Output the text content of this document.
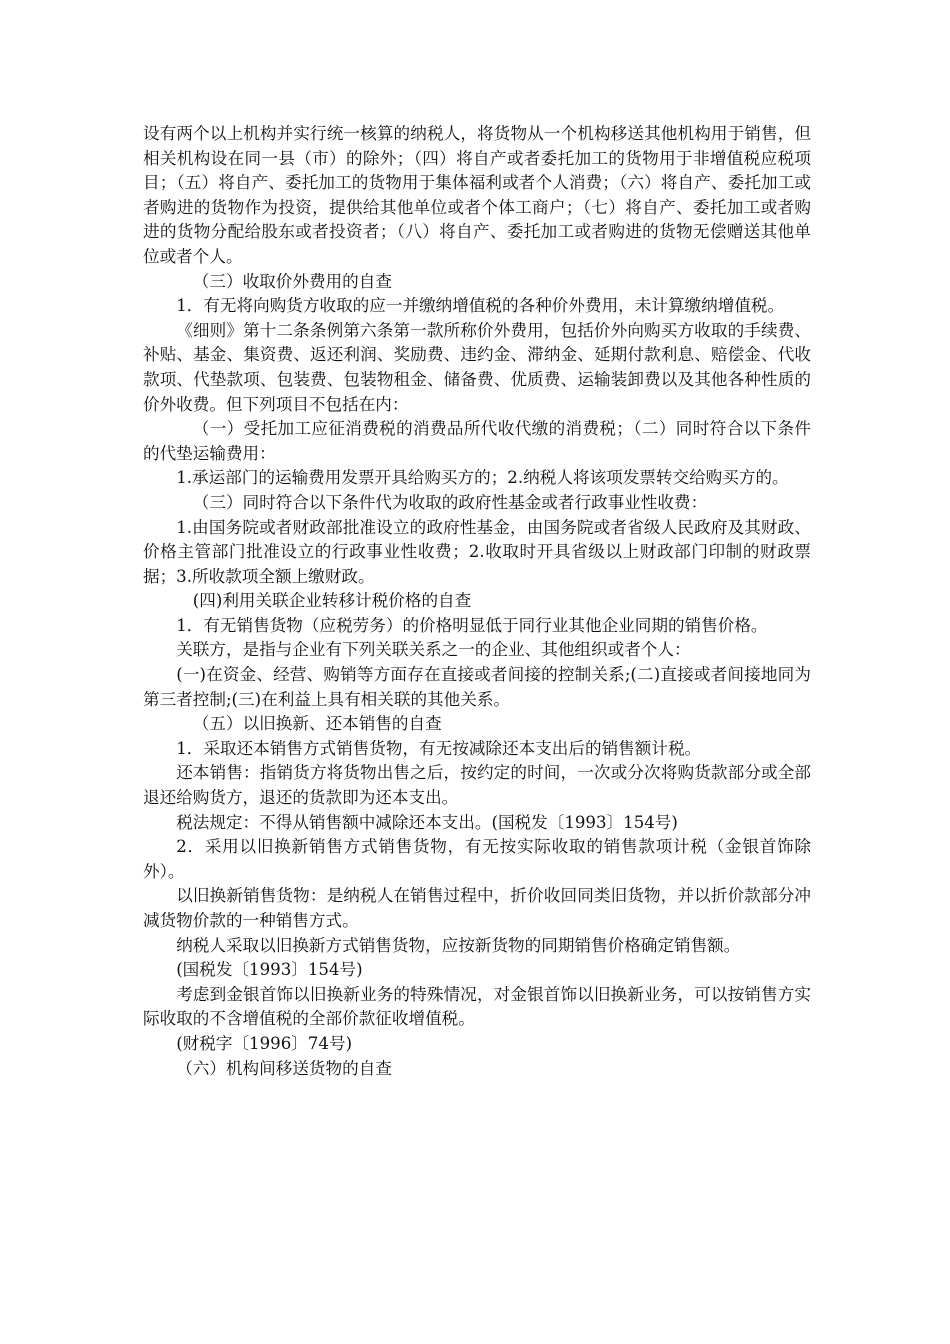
设有两个以上机构并实行统一核算的纳税人，将货物从一个机构移送其他机构用于销售，但相关机构设在同一县（市）的除外；（四）将自产或者委托加工的货物用于非增值税应税项目；（五）将自产、委托加工的货物用于集体福利或者个人消费；（六）将自产、委托加工或者购进的货物作为投资，提供给其他单位或者个体工商户；（七）将自产、委托加工或者购进的货物分配给股东或者投资者；（八）将自产、委托加工或者购进的货物无偿赠送其他单位或者个人。

（三）收取价外费用的自查

1．有无将向购货方收取的应一并缴纳增值税的各种价外费用，未计算缴纳增值税。

《细则》第十二条条例第六条第一款所称价外费用，包括价外向购买方收取的手续费、补贴、基金、集资费、返还利润、奖励费、违约金、滞纳金、延期付款利息、赔偿金、代收款项、代垫款项、包装费、包装物租金、储备费、优质费、运输装卸费以及其他各种性质的价外收费。但下列项目不包括在内：

（一）受托加工应征消费税的消费品所代收代缴的消费税；（二）同时符合以下条件的代垫运输费用：

1.承运部门的运输费用发票开具给购买方的；2.纳税人将该项发票转交给购买方的。

（三）同时符合以下条件代为收取的政府性基金或者行政事业性收费：

1.由国务院或者财政部批准设立的政府性基金，由国务院或者省级人民政府及其财政、价格主管部门批准设立的行政事业性收费；2.收取时开具省级以上财政部门印制的财政票据；3.所收款项全额上缴财政。

(四)利用关联企业转移计税价格的自查

1．有无销售货物（应税劳务）的价格明显低于同行业其他企业同期的销售价格。

关联方，是指与企业有下列关联关系之一的企业、其他组织或者个人：

(一)在资金、经营、购销等方面存在直接或者间接的控制关系;(二)直接或者间接地同为第三者控制;(三)在利益上具有相关联的其他关系。

（五）以旧换新、还本销售的自查

1．采取还本销售方式销售货物，有无按减除还本支出后的销售额计税。

还本销售：指销货方将货物出售之后，按约定的时间，一次或分次将购货款部分或全部退还给购货方，退还的货款即为还本支出。

税法规定：不得从销售额中减除还本支出。(国税发〔1993〕154号)

2．采用以旧换新销售方式销售货物，有无按实际收取的销售款项计税（金银首饰除外）。

以旧换新销售货物：是纳税人在销售过程中，折价收回同类旧货物，并以折价款部分冲减货物价款的一种销售方式。

纳税人采取以旧换新方式销售货物，应按新货物的同期销售价格确定销售额。

(国税发〔1993〕154号)

考虑到金银首饰以旧换新业务的特殊情况，对金银首饰以旧换新业务，可以按销售方实际收取的不含增值税的全部价款征收增值税。

(财税字〔1996〕74号)

（六）机构间移送货物的自查
